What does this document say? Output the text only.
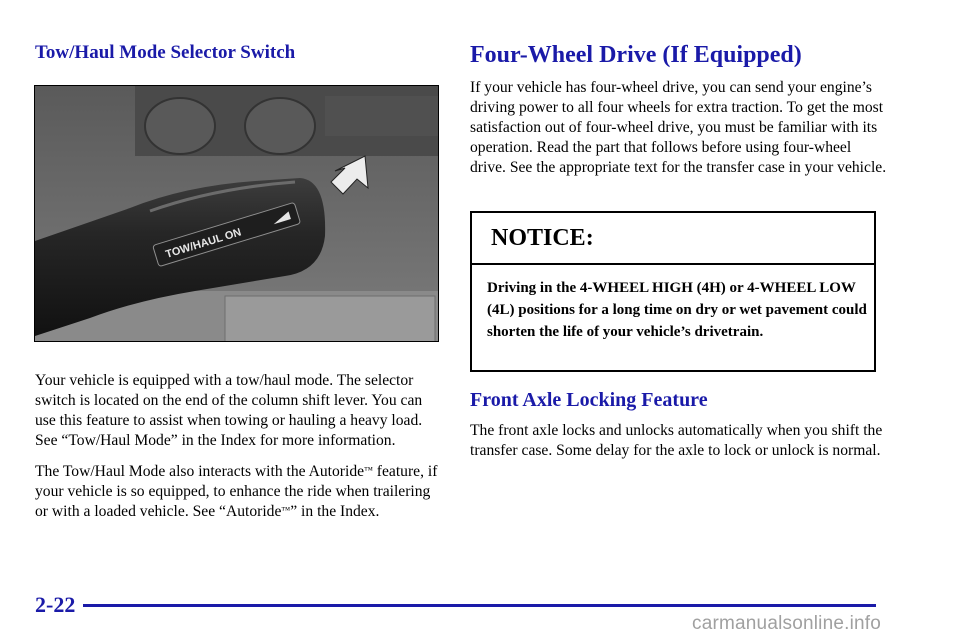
Tow/Haul Mode Selector Switch
TOW/HAUL ON

Your vehicle is equipped with a tow/haul mode. The selector switch is located on the end of the column shift lever. You can use this feature to assist when towing or hauling a heavy load. See “Tow/Haul Mode” in the Index for more information.

The Tow/Haul Mode also interacts with the Autoride™ feature, if your vehicle is so equipped, to enhance the ride when trailering or with a loaded vehicle. See “Autoride™” in the Index.

Four-Wheel Drive (If Equipped)

If your vehicle has four-wheel drive, you can send your engine’s driving power to all four wheels for extra traction. To get the most satisfaction out of four-wheel drive, you must be familiar with its operation. Read the part that follows before using four-wheel drive. See the appropriate text for the transfer case in your vehicle.

NOTICE:
Driving in the 4-WHEEL HIGH (4H) or 4-WHEEL LOW (4L) positions for a long time on dry or wet pavement could shorten the life of your vehicle’s drivetrain.
Front Axle Locking Feature

The front axle locks and unlocks automatically when you shift the transfer case. Some delay for the axle to lock or unlock is normal.

2-22
carmanualsonline.info
